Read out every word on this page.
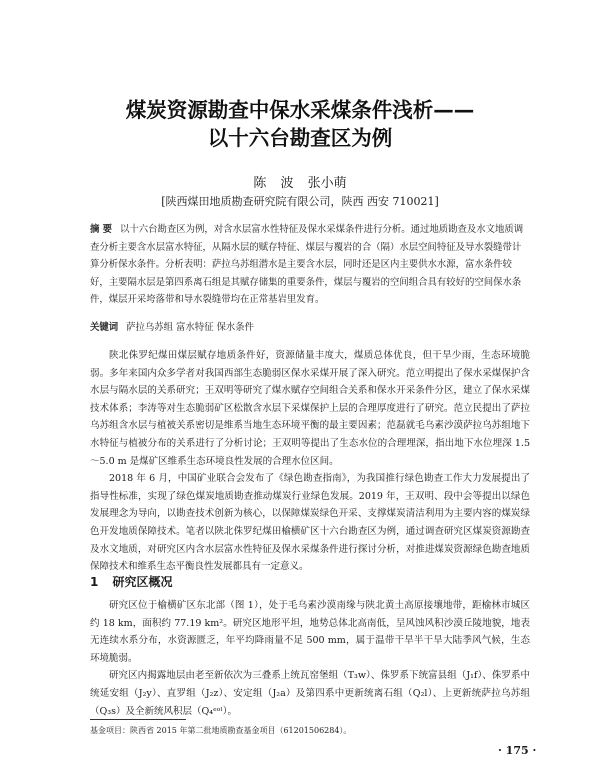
煤炭资源勘查中保水采煤条件浅析——
以十六台勘查区为例
陈 波 张小萌
[陕西煤田地质勘查研究院有限公司，陕西 西安 710021]
摘 要 以十六台勘查区为例，对含水层富水性特征及保水采煤条件进行分析。通过地质勘查及水文地质调查分析主要含水层富水特征，从隔水层的赋存特征、煤层与覆岩的合（隔）水层空间特征及导水裂缝带计算分析保水条件。分析表明：萨拉乌苏组潜水是主要含水层，同时还是区内主要供水水源，富水条件较好，主要隔水层是第四系离石组是其赋存储集的重要条件，煤层与覆岩的空间组合具有较好的空间保水条件，煤层开采垮落带和导水裂缝带均在正常基岩里发育。
关键词 萨拉乌苏组 富水特征 保水条件

陕北侏罗纪煤田煤层赋存地质条件好，资源储量丰度大，煤质总体优良，但干旱少雨，生态环境脆弱。多年来国内众多学者对我国西部生态脆弱区保水采煤开展了深入研究。范立明提出了保水采煤保护含水层与隔水层的关系研究；王双明等研究了煤水赋存空间组合关系和保水开采条件分区，建立了保水采煤技术体系；李涛等对生态脆弱矿区松散含水层下采煤保护上层的合理厚度进行了研究。范立民提出了萨拉乌苏组含水层与植被关系密切是维系当地生态环境平衡的最主要因素；范磊就毛乌素沙漠萨拉乌苏组地下水特征与植被分布的关系进行了分析讨论；王双明等提出了生态水位的合理埋深，指出地下水位埋深 1.5～5.0 m 是煤矿区维系生态环境良性发展的合理水位区间。

2018 年 6 月，中国矿业联合会发布了《绿色勘查指南》，为我国推行绿色勘查工作大力发展提出了指导性标准，实现了绿色煤炭地质勘查推动煤炭行业绿色发展。2019 年，王双明、段中会等提出以绿色发展理念为导向，以勘查技术创新为核心，以保障煤炭绿色开采、支撑煤炭清洁利用为主要内容的煤炭绿色开发地质保障技术。笔者以陕北侏罗纪煤田榆横矿区十六台勘查区为例，通过调查研究区煤炭资源勘查及水文地质，对研究区内含水层富水性特征及保水采煤条件进行探讨分析，对推进煤炭资源绿色勘查地质保障技术和维系生态平衡良性发展都具有一定意义。

1 研究区概况

研究区位于榆横矿区东北部（图 1），处于毛乌素沙漠南缘与陕北黄土高原接壤地带，距榆林市城区约 18 km，面积约 77.19 km²。研究区地形平坦，地势总体北高南低，呈风蚀风积沙漠丘陵地貌，地表无连续水系分布，水资源匮乏，年平均降雨量不足 500 mm，属于温带干旱半干旱大陆季风气候，生态环境脆弱。

研究区内揭露地层由老至新依次为三叠系上统瓦窑堡组（T₃w）、侏罗系下统富县组（J₁f）、侏罗系中统延安组（J₂y）、直罗组（J₂z）、安定组（J₂a）及第四系中更新统离石组（Q₂l）、上更新统萨拉乌苏组（Q₃s）及全新统风积层（Q₄ᵉᵒˡ）。

基金项目：陕西省 2015 年第二批地质勘查基金项目（61201506284）。
· 175 ·
